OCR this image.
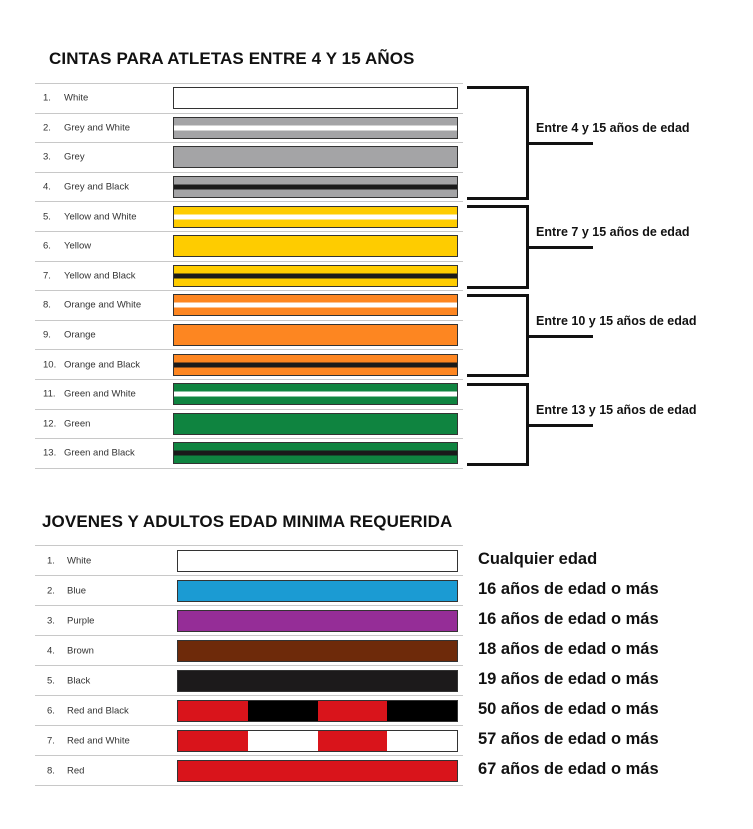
CINTAS PARA ATLETAS ENTRE 4 Y 15 AÑOS
1. White
2. Grey and White
3. Grey
4. Grey and Black
5. Yellow and White
6. Yellow
7. Yellow and Black
8. Orange and White
9. Orange
10. Orange and Black
11. Green and White
12. Green
13. Green and Black
Entre 4 y 15 años de edad
Entre 7 y 15 años de edad
Entre 10 y 15 años de edad
Entre 13 y 15 años de edad
JOVENES Y ADULTOS EDAD MINIMA REQUERIDA
1. White
2. Blue
3. Purple
4. Brown
5. Black
6. Red and Black
7. Red and White
8. Red
Cualquier edad
16 años de edad o más
16 años de edad o más
18 años de edad o más
19 años de edad o más
50 años de edad o más
57 años de edad o más
67 años de edad o más
